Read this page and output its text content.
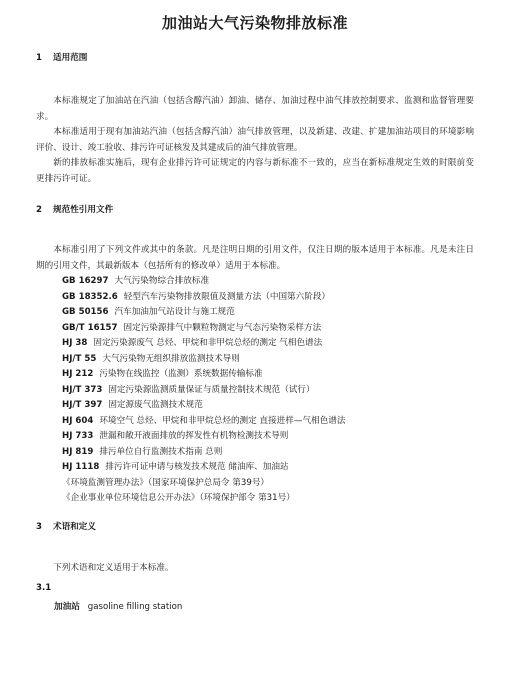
加油站大气污染物排放标准

1 适用范围

本标准规定了加油站在汽油（包括含醇汽油）卸油、储存、加油过程中油气排放控制要求、监测和监督管理要求。

本标准适用于现有加油站汽油（包括含醇汽油）油气排放管理，以及新建、改建、扩建加油站项目的环境影响评价、设计、竣工验收、排污许可证核发及其建成后的油气排放管理。

新的排放标准实施后，现有企业排污许可证规定的内容与新标准不一致的，应当在新标准规定生效的时限前变更排污许可证。

2 规范性引用文件

本标准引用了下列文件或其中的条款。凡是注明日期的引用文件，仅注日期的版本适用于本标准。凡是未注日期的引用文件，其最新版本（包括所有的修改单）适用于本标准。

GB 16297 大气污染物综合排放标准

GB 18352.6 轻型汽车污染物排放限值及测量方法（中国第六阶段）

GB 50156 汽车加油加气站设计与施工规范

GB/T 16157 固定污染源排气中颗粒物测定与气态污染物采样方法

HJ 38 固定污染源废气 总烃、甲烷和非甲烷总烃的测定 气相色谱法

HJ/T 55 大气污染物无组织排放监测技术导则

HJ 212 污染物在线监控（监测）系统数据传输标准

HJ/T 373 固定污染源监测质量保证与质量控制技术规范（试行）

HJ/T 397 固定源废气监测技术规范

HJ 604 环境空气 总烃、甲烷和非甲烷总烃的测定 直接进样—气相色谱法

HJ 733 泄漏和敞开液面排放的挥发性有机物检测技术导则

HJ 819 排污单位自行监测技术指南 总则

HJ 1118 排污许可证申请与核发技术规范 储油库、加油站

《环境监测管理办法》（国家环境保护总局令 第39号）

《企业事业单位环境信息公开办法》（环境保护部令 第31号）

3 术语和定义

下列术语和定义适用于本标准。

3.1

加油站 gasoline filling station
